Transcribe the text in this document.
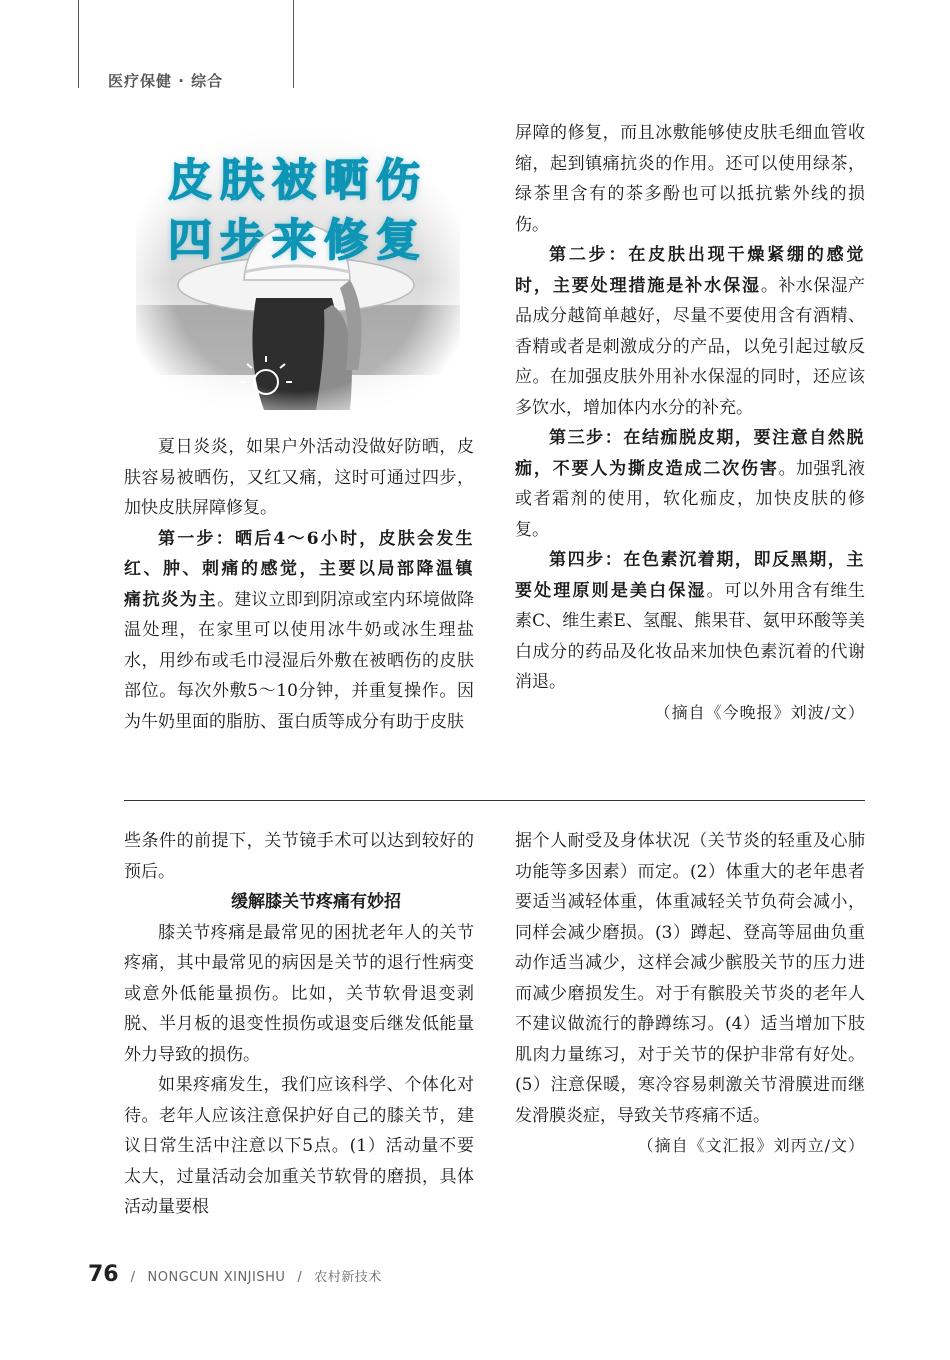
医疗保健 · 综合
皮肤被晒伤
四步来修复

夏日炎炎，如果户外活动没做好防晒，皮肤容易被晒伤，又红又痛，这时可通过四步，加快皮肤屏障修复。

第一步：晒后4～6小时，皮肤会发生红、肿、刺痛的感觉，主要以局部降温镇痛抗炎为主。建议立即到阴凉或室内环境做降温处理，在家里可以使用冰牛奶或冰生理盐水，用纱布或毛巾浸湿后外敷在被晒伤的皮肤部位。每次外敷5～10分钟，并重复操作。因为牛奶里面的脂肪、蛋白质等成分有助于皮肤

屏障的修复，而且冰敷能够使皮肤毛细血管收缩，起到镇痛抗炎的作用。还可以使用绿茶，绿茶里含有的茶多酚也可以抵抗紫外线的损伤。

第二步：在皮肤出现干燥紧绷的感觉时，主要处理措施是补水保湿。补水保湿产品成分越简单越好，尽量不要使用含有酒精、香精或者是刺激成分的产品，以免引起过敏反应。在加强皮肤外用补水保湿的同时，还应该多饮水，增加体内水分的补充。

第三步：在结痂脱皮期，要注意自然脱痂，不要人为撕皮造成二次伤害。加强乳液或者霜剂的使用，软化痂皮，加快皮肤的修复。

第四步：在色素沉着期，即反黑期，主要处理原则是美白保湿。可以外用含有维生素C、维生素E、氢醌、熊果苷、氨甲环酸等美白成分的药品及化妆品来加快色素沉着的代谢消退。

（摘自《今晚报》刘波/文）

些条件的前提下，关节镜手术可以达到较好的预后。

缓解膝关节疼痛有妙招

膝关节疼痛是最常见的困扰老年人的关节疼痛，其中最常见的病因是关节的退行性病变或意外低能量损伤。比如，关节软骨退变剥脱、半月板的退变性损伤或退变后继发低能量外力导致的损伤。

如果疼痛发生，我们应该科学、个体化对待。老年人应该注意保护好自己的膝关节，建议日常生活中注意以下5点。(1）活动量不要太大，过量活动会加重关节软骨的磨损，具体活动量要根

据个人耐受及身体状况（关节炎的轻重及心肺功能等多因素）而定。(2）体重大的老年患者要适当减轻体重，体重减轻关节负荷会减小，同样会减少磨损。(3）蹲起、登高等屈曲负重动作适当减少，这样会减少髌股关节的压力进而减少磨损发生。对于有髌股关节炎的老年人不建议做流行的静蹲练习。(4）适当增加下肢肌肉力量练习，对于关节的保护非常有好处。(5）注意保暖，寒冷容易刺激关节滑膜进而继发滑膜炎症，导致关节疼痛不适。

（摘自《文汇报》刘丙立/文）
76 / NONGCUN XINJISHU / 农村新技术
